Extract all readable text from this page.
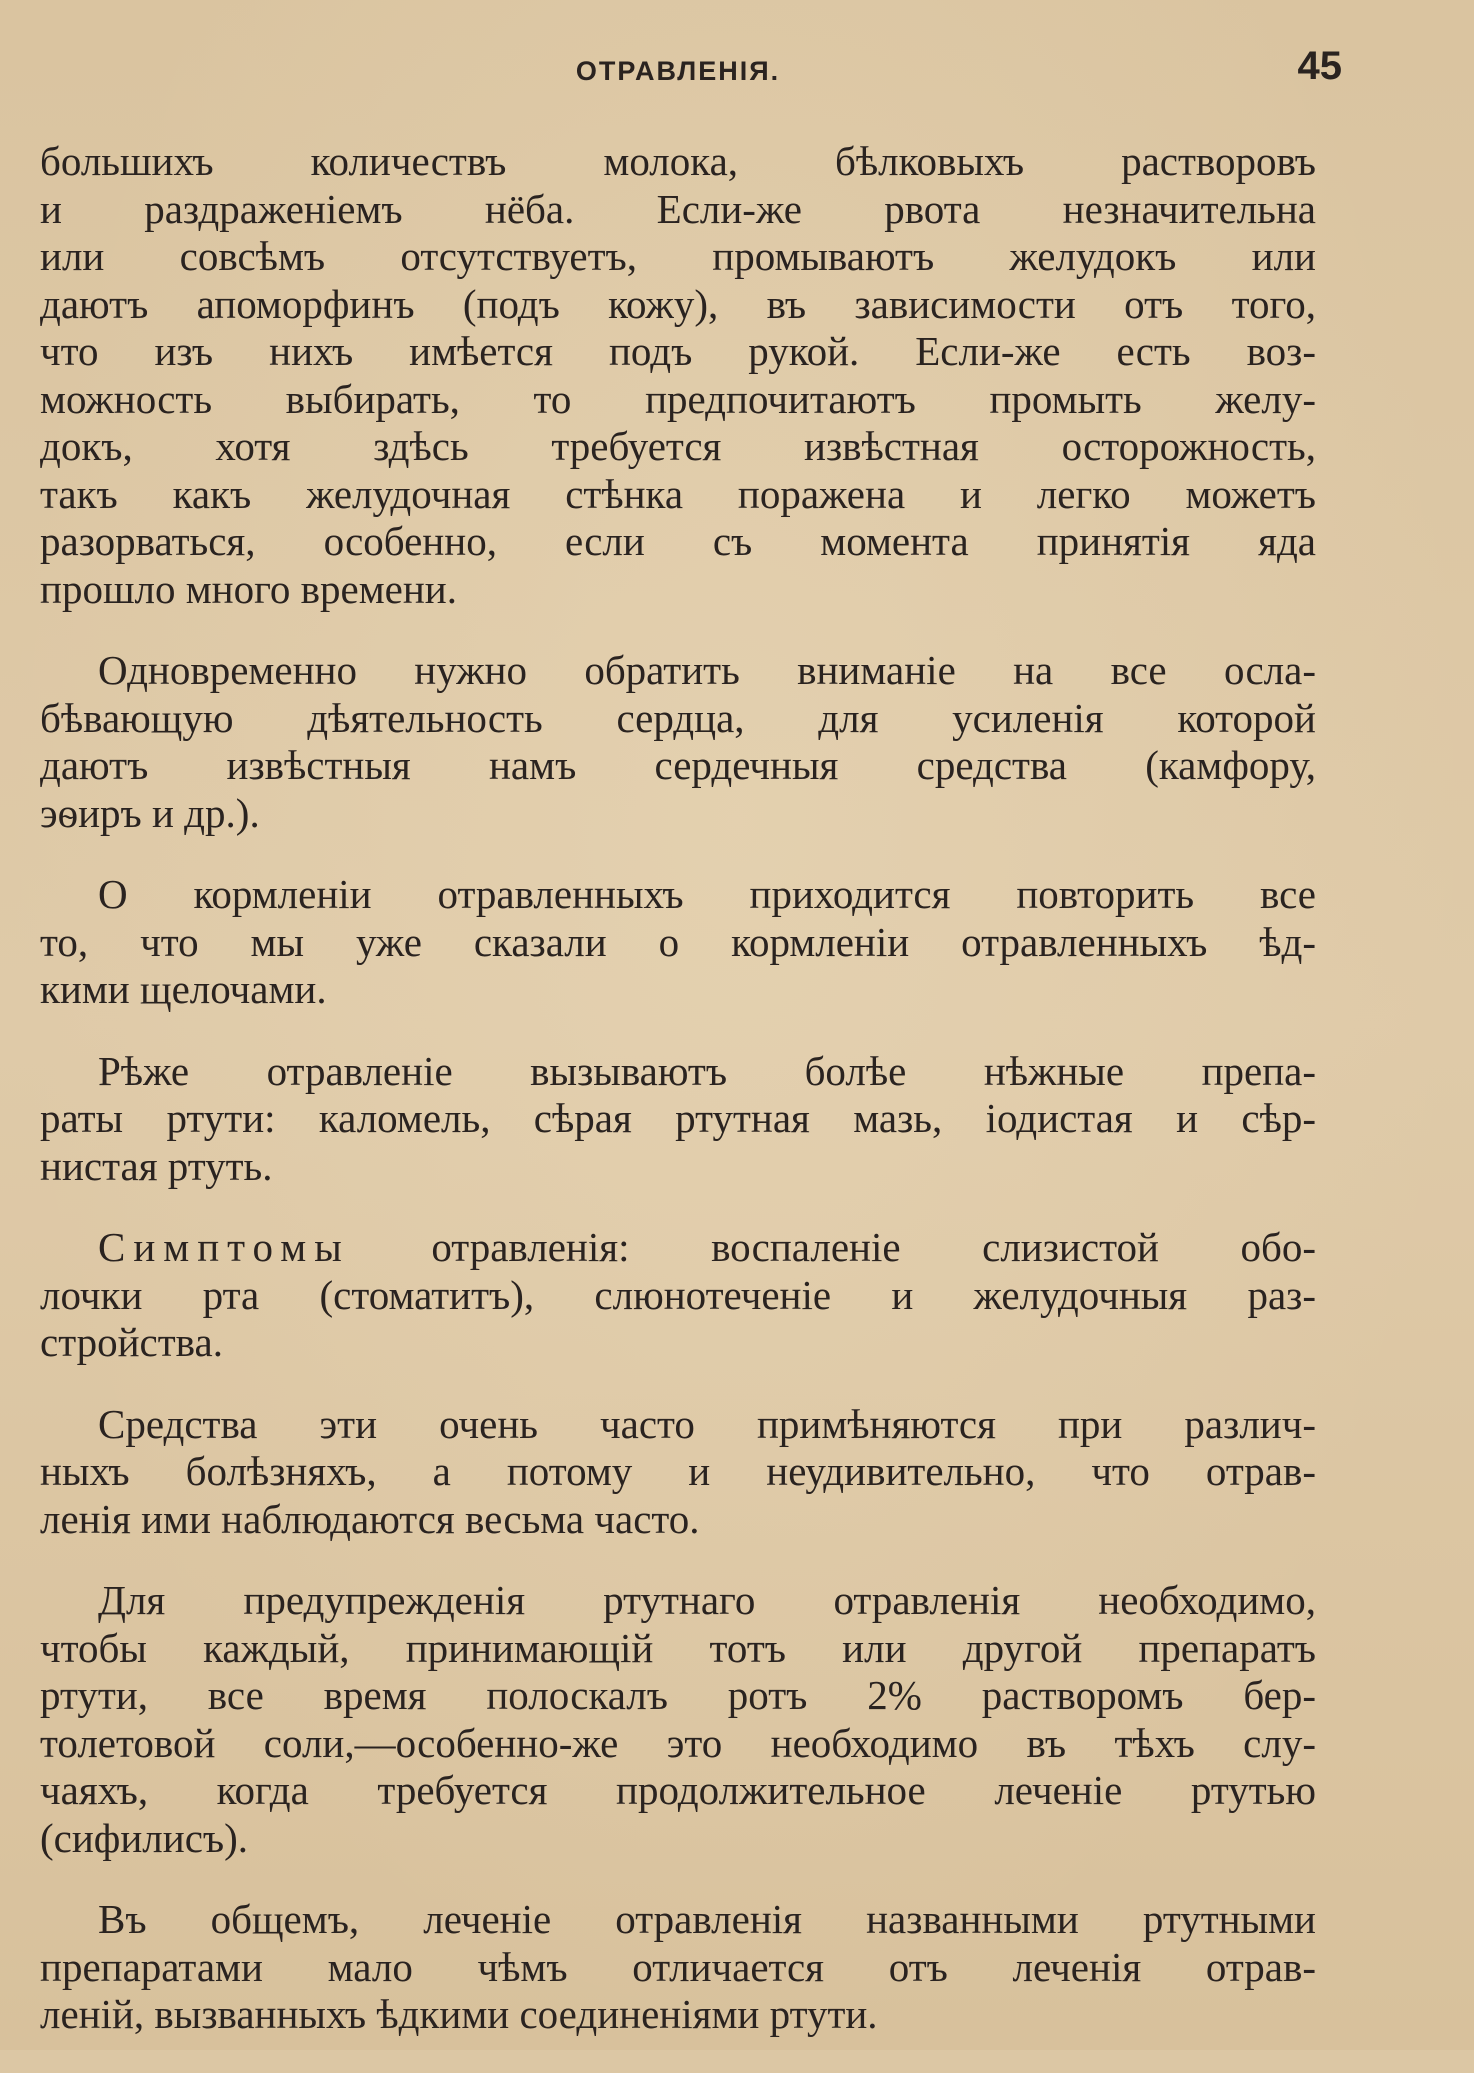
ОТРАВЛЕНІЯ.	45

большихъ количествъ молока, бѣлковыхъ растворовъ
и раздраженіемъ нёба. Если-же рвота незначительна
или совсѣмъ отсутствуетъ, промываютъ желудокъ или
даютъ апоморфинъ (подъ кожу), въ зависимости отъ того,
что изъ нихъ имѣется подъ рукой. Если-же есть воз-
можность выбирать, то предпочитаютъ промыть желу-
докъ, хотя здѣсь требуется извѣстная осторожность,
такъ какъ желудочная стѣнка поражена и легко можетъ
разорваться, особенно, если съ момента принятія яда
прошло много времени.

Одновременно нужно обратить вниманіе на все осла-
бѣвающую дѣятельность сердца, для усиленія которой
даютъ извѣстныя намъ сердечныя средства (камфору,
эѳиръ и др.).

О кормленіи отравленныхъ приходится повторить все
то, что мы уже сказали о кормленіи отравленныхъ ѣд-
кими щелочами.

Рѣже отравленіе вызываютъ болѣе нѣжные препа-
раты ртути: каломель, сѣрая ртутная мазь, іодистая и сѣр-
нистая ртуть.

Симптомы отравленія: воспаленіе слизистой обо-
лочки рта (стоматитъ), слюнотеченіе и желудочныя раз-
стройства.

Средства эти очень часто примѣняются при различ-
ныхъ болѣзняхъ, а потому и неудивительно, что отрав-
ленія ими наблюдаются весьма часто.

Для предупрежденія ртутнаго отравленія необходимо,
чтобы каждый, принимающій тотъ или другой препаратъ
ртути, все время полоскалъ ротъ 2% растворомъ бер-
толетовой соли,—особенно-же это необходимо въ тѣхъ слу-
чаяхъ, когда требуется продолжительное леченіе ртутью
(сифилисъ).

Въ общемъ, леченіе отравленія названными ртутными
препаратами мало чѣмъ отличается отъ леченія отрав-
леній, вызванныхъ ѣдкими соединеніями ртути.
